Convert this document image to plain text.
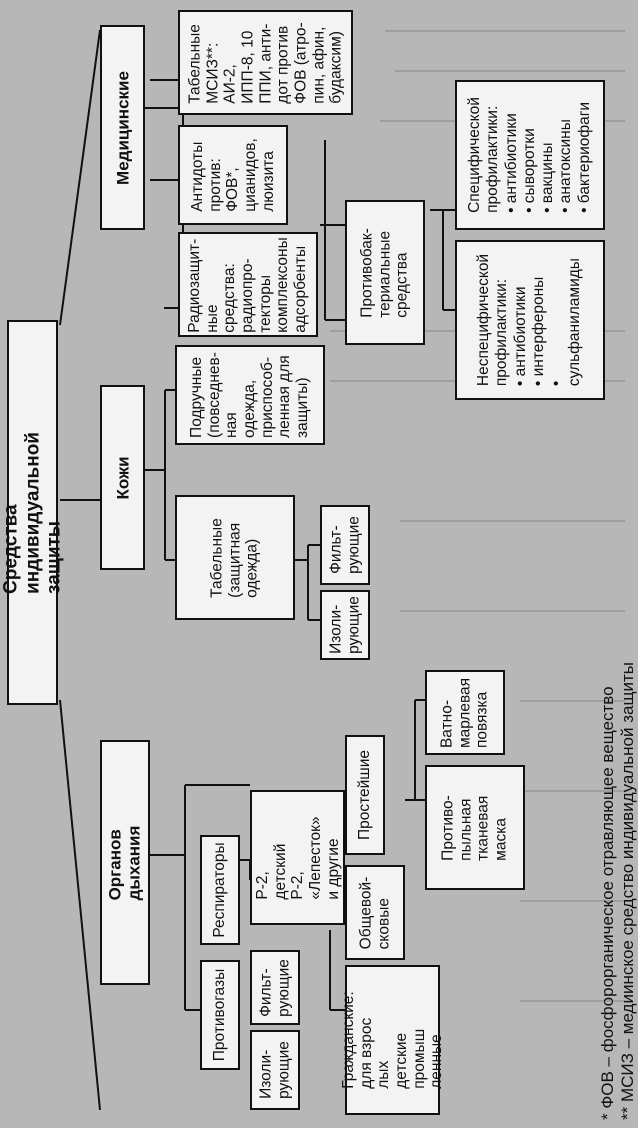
Средства индивидуальной защиты
Органов дыхания
Кожи
Медицинские
Радиозащит-
ные средства:
радиопро-
текторы
комплексоны
адсорбенты
Антидоты
против:
ФОВ*,
цианидов,
люизита
Табельные
МСИЗ**:
АИ-2,
ИПП‑8, 10
ППИ, анти-
дот против
ФОВ (атро-
пин, афин,
будаксим)
Противобак-
териальные
средства	Неспецифической
профилактики:
• антибиотики
• интерфероны
• сульфаниламиды
Специфической
профилактики:
• антибиотики
• сыворотки
• вакцины
• анатоксины
• бактериофаги
Подручные
(повседнев-
ная одежда,
приспособ-
ленная для
защиты)
Табельные
(защитная
одежда)	Фильт-
рующие
Изоли-
рующие
Респираторы
Противогазы
Р-2,
детский Р-2,
«Лепесток»
и другие
Изоли-
рующие
Фильт-
рующие
Простейшие
Общевой-
сковые
Гражданские:
для взрос
лых
детские
промыш
ленные
Противо-
пыльная
тканевая
маска
Ватно-
марлевая
повязка	* ФОВ – фосфорорганическое отравляющее вещество ** МСИЗ – медиинское средство индивидуальной защиты
